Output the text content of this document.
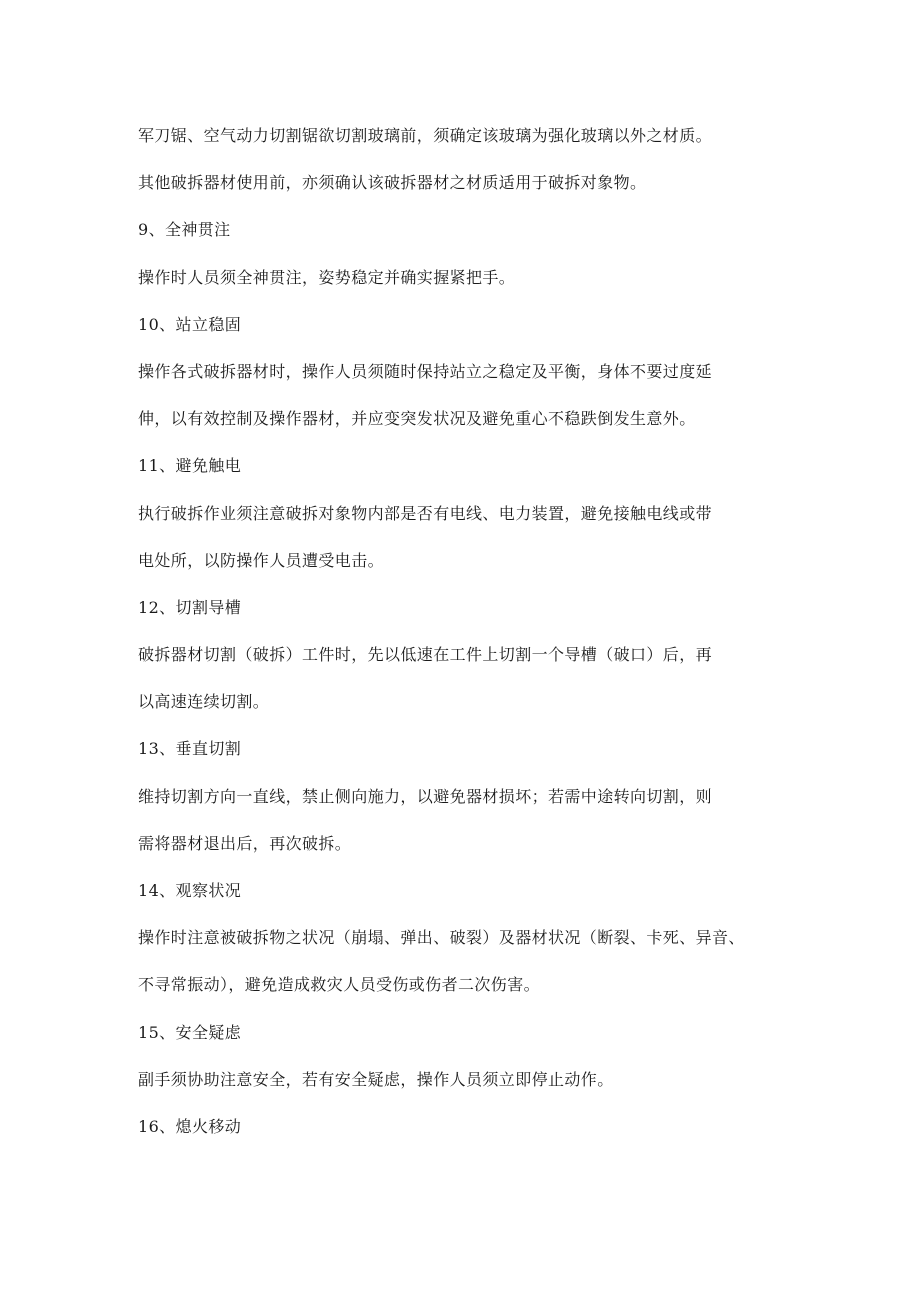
军刀锯、空气动力切割锯欲切割玻璃前，须确定该玻璃为强化玻璃以外之材质。
其他破拆器材使用前，亦须确认该破拆器材之材质适用于破拆对象物。
9、全神贯注
操作时人员须全神贯注，姿势稳定并确实握紧把手。
10、站立稳固
操作各式破拆器材时，操作人员须随时保持站立之稳定及平衡，身体不要过度延
伸，以有效控制及操作器材，并应变突发状况及避免重心不稳跌倒发生意外。
11、避免触电
执行破拆作业须注意破拆对象物内部是否有电线、电力装置，避免接触电线或带
电处所，以防操作人员遭受电击。
12、切割导槽
破拆器材切割（破拆）工件时，先以低速在工件上切割一个导槽（破口）后，再
以高速连续切割。
13、垂直切割
维持切割方向一直线，禁止侧向施力，以避免器材损坏；若需中途转向切割，则
需将器材退出后，再次破拆。
14、观察状况
操作时注意被破拆物之状况（崩塌、弹出、破裂）及器材状况（断裂、卡死、异音、
不寻常振动），避免造成救灾人员受伤或伤者二次伤害。
15、安全疑虑
副手须协助注意安全，若有安全疑虑，操作人员须立即停止动作。
16、熄火移动
